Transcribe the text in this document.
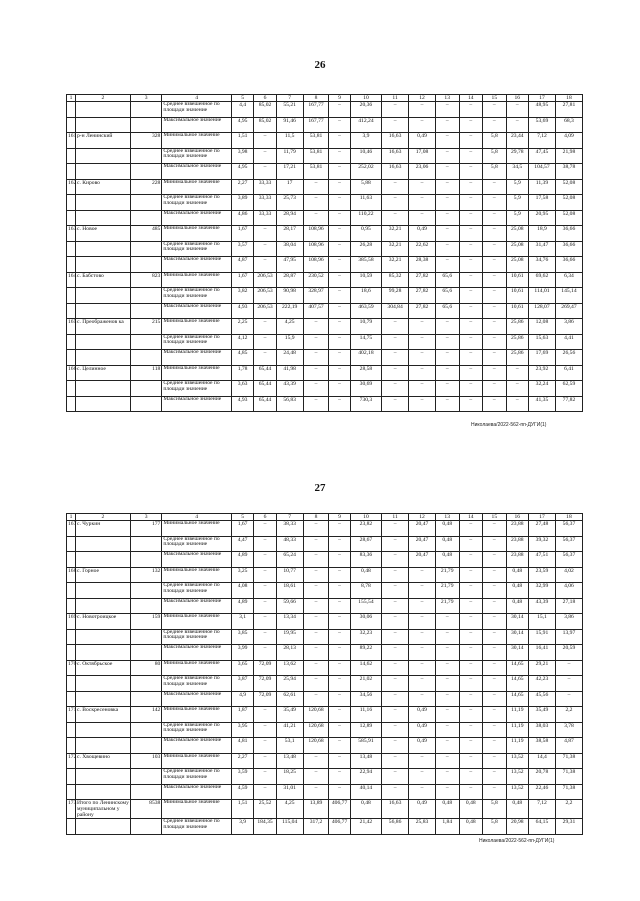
26
1	2	3	4	5	6	7	8	9	10	11	12	13	14	15	16	17	18
			Среднее взвешенное по площади значение	4,4	85,02	55,21	167,77	–	20,36	–	–	–	–	–	–	48,95	27,81
			Максимальное значение	4,95	85,02	91,46	167,77	–	412,24	–	–	–	–	–	–	53,69	68,3
161	р-н Ленинский	328	Минимальное значение	1,51	–	11,5	53,81	–	3,9	16,63	0,49	–	–	5,8	23,44	7,12	4,09
			Среднее взвешенное по площади значение	3,98	–	11,79	53,81	–	10,46	16,63	17,08	–	–	5,8	29,78	47,45	21,98
			Максимальное значение	4,95	–	17,21	53,81	–	252,02	16,63	23,06	–	–	5,8	34,5	104,57	38,78
162	с. Кирово	228	Минимальное значение	2,27	33,33	17	–	–	5,88	–	–	–	–	–	5,9	11,39	52,08
			Среднее взвешенное по площади значение	3,89	33,33	25,73	–	–	11,63	–	–	–	–	–	5,9	17,58	52,08
			Максимальное значение	4,86	33,33	28,94	–	–	110,22	–	–	–	–	–	5,9	20,95	52,08
163	с. Новое	485	Минимальное значение	1,67	–	28,17	108,96	–	0,95	32,21	0,49	–	–	–	25,08	18,9	36,66
			Среднее взвешенное по площади значение	3,57	–	38,04	108,96	–	26,28	32,21	22,62	–	–	–	25,08	31,47	36,66
			Максимальное значение	4,87	–	47,95	108,96	–	385,58	32,21	28,38	–	–	–	25,08	34,76	36,66
164	с. Бабстово	823	Минимальное значение	1,67	206,53	28,87	230,52	–	10,59	85,32	27,82	65,6	–	–	10,61	69,62	6,34
			Среднее взвешенное по площади значение	3,82	206,53	90,98	328,97	–	18,6	99,28	27,82	65,6	–	–	10,61	114,01	145,14
			Максимальное значение	4,93	206,53	222,19	407,57	–	463,59	304,84	27,82	65,6	–	–	10,61	128,07	269,47
165	с. Преображенов ка	215	Минимальное значение	2,25	–	4,25	–	–	10,79	–	–	–	–	–	25,86	12,08	3,86
			Среднее взвешенное по площади значение	4,12	–	15,9	–	–	14,75	–	–	–	–	–	25,86	15,63	4,41
			Максимальное значение	4,85	–	24,48	–	–	402,18	–	–	–	–	–	25,86	17,69	26,56
166	с. Целинное	118	Минимальное значение	1,78	65,44	41,98	–	–	28,58	–	–	–	–	–	–	23,92	6,41
			Среднее взвешенное по площади значение	3,63	65,44	43,39	–	–	30,69	–	–	–	–	–	–	32,24	62,59
			Максимальное значение	4,93	65,44	56,83	–	–	730,3	–	–	–	–	–	–	41,35	77,82
Николаева/2022-562-пп-ДУГИ(1)
27
1	2	3	4	5	6	7	8	9	10	11	12	13	14	15	16	17	18
167	с. Чуркин	177	Минимальное значение	1,67	–	38,33	–	–	23,82	–	20,47	0,48	–	–	23,88	27,48	56,37
			Среднее взвешенное по площади значение	4,47	–	48,33	–	–	28,67	–	20,47	0,48	–	–	23,88	39,32	56,37
			Максимальное значение	4,89	–	65,24	–	–	83,36	–	20,47	0,48	–	–	23,88	47,51	56,37
168	с. Горное	132	Минимальное значение	3,25	–	10,77	–	–	0,48	–	–	21,79	–	–	0,48	23,59	4,02
			Среднее взвешенное по площади значение	4,08	–	18,61	–	–	8,78	–	–	21,79	–	–	0,48	32,99	4,06
			Максимальное значение	4,89	–	59,66	–	–	155,54	–	–	21,79	–	–	0,48	43,39	27,18
169	с. Новотроицкое	159	Минимальное значение	3,1	–	13,34	–	–	30,06	–	–	–	–	–	30,14	15,1	3,86
			Среднее взвешенное по площади значение	3,85	–	19,95	–	–	32,23	–	–	–	–	–	30,14	15,91	13,97
			Максимальное значение	3,99	–	28,13	–	–	89,22	–	–	–	–	–	30,14	16,41	20,59
170	с. Октябрьское	80	Минимальное значение	3,65	72,09	13,62	–	–	14,62	–	–	–	–	–	14,65	29,21	–
			Среднее взвешенное по площади значение	3,87	72,09	25,94	–	–	21,02	–	–	–	–	–	14,65	42,23	–
			Максимальное значение	4,9	72,09	62,61	–	–	34,56	–	–	–	–	–	14,65	45,56	–
171	с. Воскресеновка	142	Минимальное значение	1,87	–	35,49	120,68	–	11,16	–	0,49	–	–	–	11,19	35,49	2,2
			Среднее взвешенное по площади значение	3,95	–	41,21	120,68	–	12,89	–	0,49	–	–	–	11,19	38,03	3,78
			Максимальное значение	4,81	–	53,1	120,68	–	585,91	–	0,49	–	–	–	11,19	38,58	4,87
172	с. Хвощевино	103	Минимальное значение	2,27	–	13,48	–	–	13,48	–	–	–	–	–	13,52	14,4	71,38
			Среднее взвешенное по площади значение	3,59	–	18,25	–	–	22,94	–	–	–	–	–	13,52	20,78	71,38
			Максимальное значение	4,59	–	31,01	–	–	40,14	–	–	–	–	–	13,52	22,46	71,38
173	Итого по Ленинскому муниципальном у району	8538	Минимальное значение	1,51	25,52	4,25	13,89	406,77	0,48	16,63	0,49	0,48	0,48	5,8	0,48	7,12	2,2
			Среднее взвешенное по площади значение	3,9	184,35	115,04	317,2	406,77	21,42	56,86	25,83	1,84	0,48	5,8	20,98	64,15	29,31
Николаева/2022-562-пп-ДУГИ(1)
